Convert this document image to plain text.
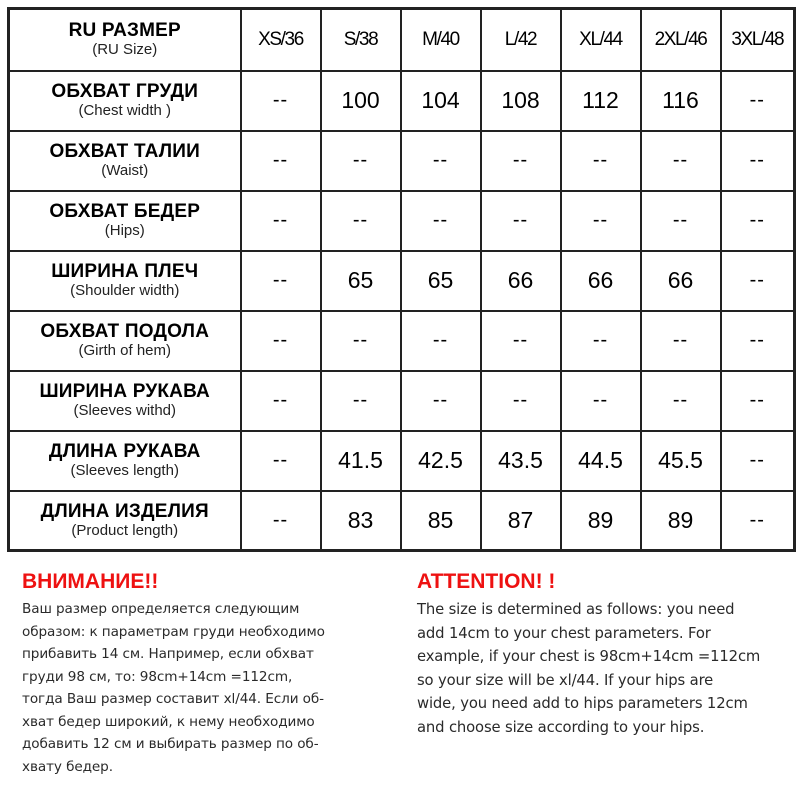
RU РАЗМЕР
(RU Size)	XS/36	S/38	M/40	L/42	XL/44	2XL/46	3XL/48

ОБХВАТ ГРУДИ
(Chest width )	--	100	104	108	112	116	--

ОБХВАТ ТАЛИИ
(Waist)	--	--	--	--	--	--	--

ОБХВАТ БЕДЕР
(Hips)	--	--	--	--	--	--	--

ШИРИНА ПЛЕЧ
(Shoulder width)	--	65	65	66	66	66	--

ОБХВАТ ПОДОЛА
(Girth of hem)	--	--	--	--	--	--	--

ШИРИНА РУКАВА
(Sleeves withd)	--	--	--	--	--	--	--

ДЛИНА РУКАВА
(Sleeves length)	--	41.5	42.5	43.5	44.5	45.5	--

ДЛИНА ИЗДЕЛИЯ
(Product length)	--	83	85	87	89	89	--
ВНИМАНИЕ!!
Ваш размер определяется следующим
образом: к параметрам груди необходимо
прибавить 14 см. Например, если обхват
груди 98 см, то: 98cm+14cm =112cm,
тогда Ваш размер составит xl/44. Если об-
хват бедер широкий, к нему необходимо
добавить 12 см и выбирать размер по об-
хвату бедер.
ATTENTION! !
The size is determined as follows: you need
add 14cm to your chest parameters. For
example, if your chest is 98cm+14cm =112cm
so your size will be xl/44. If your hips are
wide, you need add to hips parameters 12cm
and choose size according to your hips.
